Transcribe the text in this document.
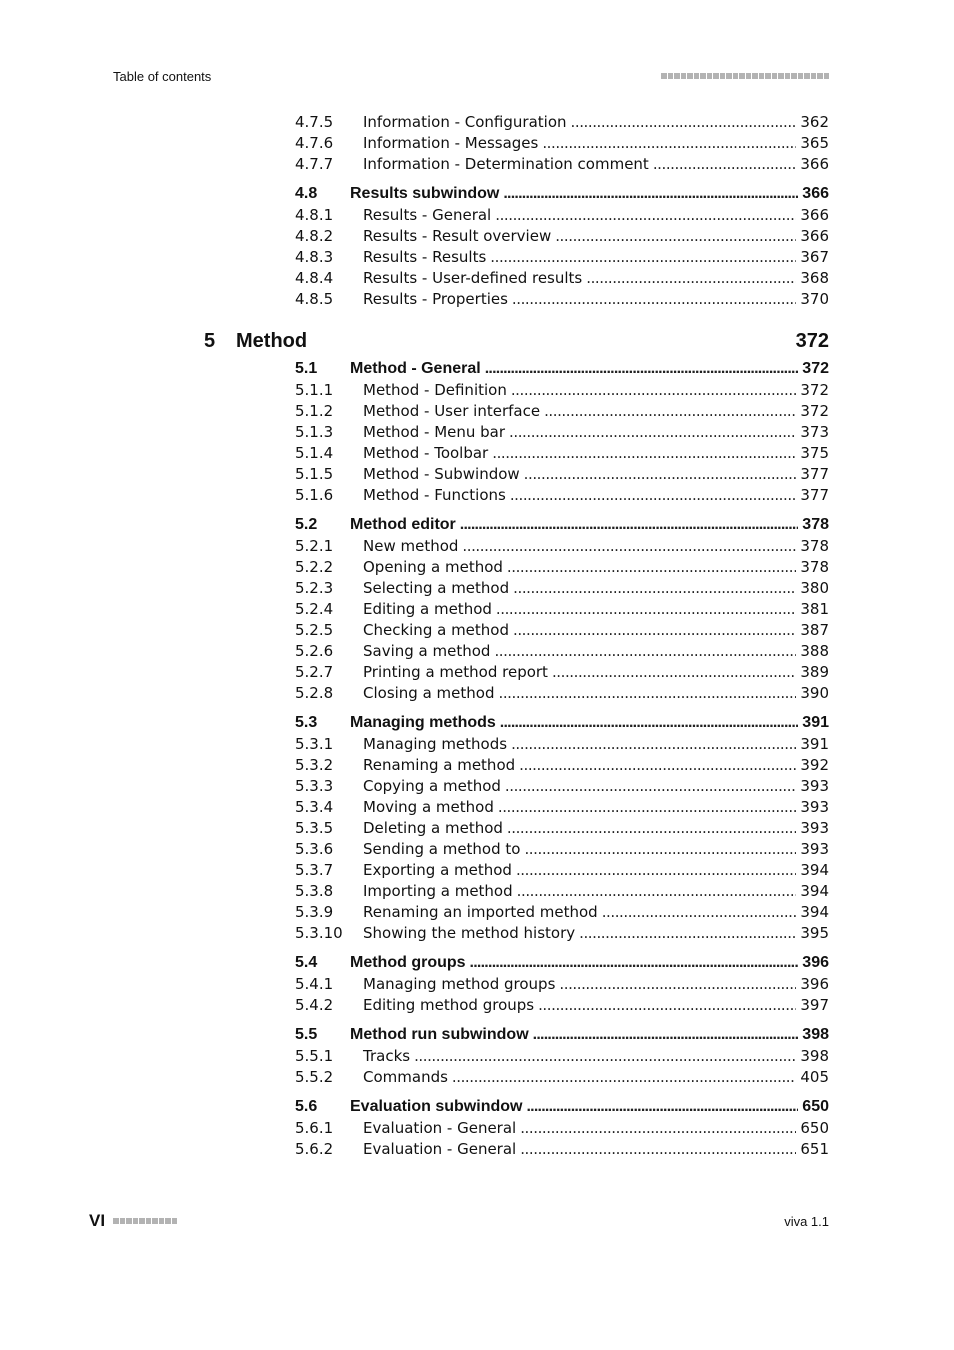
Table of contents
4.7.5 Information - Configuration . . .	362
4.7.6 Information - Messages . . .	365
4.7.7 Information - Determination comment . . .	366
4.8 Results subwindow . . .	366
4.8.1 Results - General . . .	366
4.8.2 Results - Result overview . . .	366
4.8.3 Results - Results . . .	367
4.8.4 Results - User-defined results . . .	368
4.8.5 Results - Properties . . .	370
5 Method	372
5.1 Method - General . . .	372
5.1.1 Method - Definition . . .	372
5.1.2 Method - User interface . . .	372
5.1.3 Method - Menu bar . . .	373
5.1.4 Method - Toolbar . . .	375
5.1.5 Method - Subwindow . . .	377
5.1.6 Method - Functions . . .	377
5.2 Method editor . . .	378
5.2.1 New method . . .	378
5.2.2 Opening a method . . .	378
5.2.3 Selecting a method . . .	380
5.2.4 Editing a method . . .	381
5.2.5 Checking a method . . .	387
5.2.6 Saving a method . . .	388
5.2.7 Printing a method report . . .	389
5.2.8 Closing a method . . .	390
5.3 Managing methods . . .	391
5.3.1 Managing methods . . .	391
5.3.2 Renaming a method . . .	392
5.3.3 Copying a method . . .	393
5.3.4 Moving a method . . .	393
5.3.5 Deleting a method . . .	393
5.3.6 Sending a method to . . .	393
5.3.7 Exporting a method . . .	394
5.3.8 Importing a method . . .	394
5.3.9 Renaming an imported method . . .	394
5.3.10 Showing the method history . . .	395
5.4 Method groups . . .	396
5.4.1 Managing method groups . . .	396
5.4.2 Editing method groups . . .	397
5.5 Method run subwindow . . .	398
5.5.1 Tracks . . .	398
5.5.2 Commands . . .	405
5.6 Evaluation subwindow . . .	650
5.6.1 Evaluation - General . . .	650
5.6.2 Evaluation - General . . .	651
VI	viva 1.1
